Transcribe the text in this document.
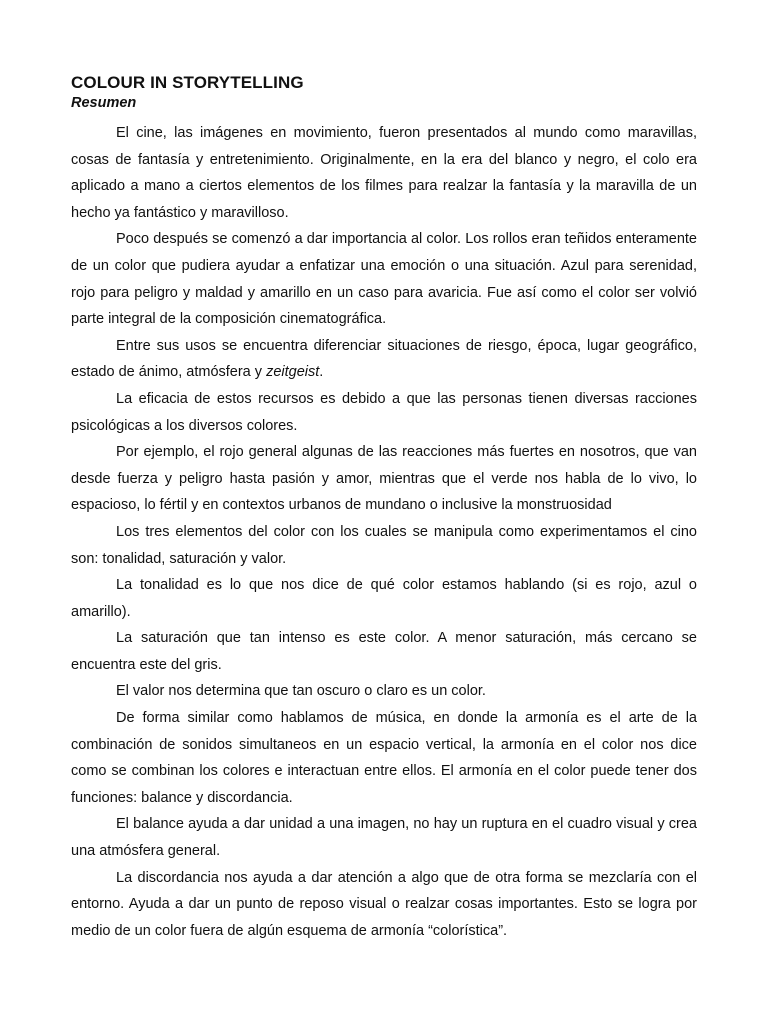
COLOUR IN STORYTELLING
Resumen

El cine, las imágenes en movimiento, fueron presentados al mundo como maravillas, cosas de fantasía y entretenimiento. Originalmente, en la era del blanco y negro, el colo era aplicado a mano a ciertos elementos de los filmes para realzar la fantasía y la maravilla de un hecho ya fantástico y maravilloso.

Poco después se comenzó a dar importancia al color. Los rollos eran teñidos enteramente de un color que pudiera ayudar a enfatizar una emoción o una situación. Azul para serenidad, rojo para peligro y maldad y amarillo en un caso para avaricia. Fue así como el color ser volvió parte integral de la composición cinematográfica.

Entre sus usos se encuentra diferenciar situaciones de riesgo, época, lugar geográfico, estado de ánimo, atmósfera y zeitgeist.

La eficacia de estos recursos es debido a que las personas tienen diversas racciones psicológicas a los diversos colores.

Por ejemplo, el rojo general algunas de las reacciones más fuertes en nosotros, que van desde fuerza y peligro hasta pasión y amor, mientras que el verde nos habla de lo vivo, lo espacioso, lo fértil y en contextos urbanos de mundano o inclusive la monstruosidad

Los tres elementos del color con los cuales se manipula como experimentamos el cino son: tonalidad, saturación y valor.

La tonalidad es lo que nos dice de qué color estamos hablando (si es rojo, azul o amarillo).

La saturación que tan intenso es este color. A menor saturación, más cercano se encuentra este del gris.

El valor nos determina que tan oscuro o claro es un color.

De forma similar como hablamos de música, en donde la armonía es el arte de la combinación de sonidos simultaneos en un espacio vertical, la armonía en el color nos dice como se combinan los colores e interactuan entre ellos. El armonía en el color puede tener dos funciones: balance y discordancia.

El balance ayuda a dar unidad a una imagen, no hay un ruptura en el cuadro visual y crea una atmósfera general.

La discordancia nos ayuda a dar atención a algo que de otra forma se mezclaría con el entorno. Ayuda a dar un punto de reposo visual o realzar cosas importantes. Esto se logra por medio de un color fuera de algún esquema de armonía “colorística”.
